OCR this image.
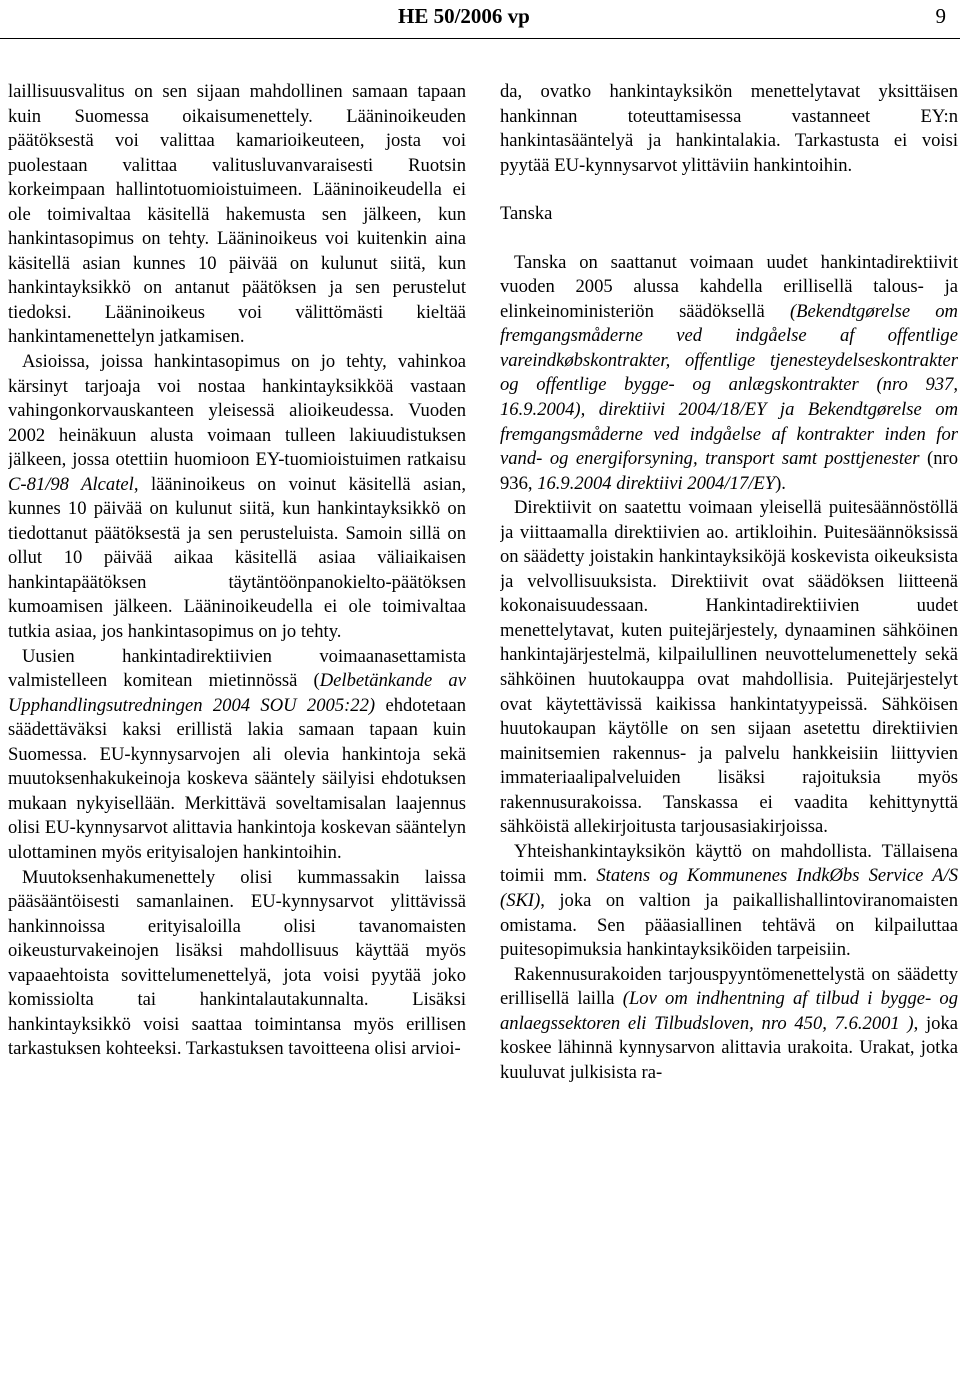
HE 50/2006 vp	9

laillisuusvalitus on sen sijaan mahdollinen samaan tapaan kuin Suomessa oikaisumenettely. Lääninoikeuden päätöksestä voi valittaa kamarioikeuteen, josta voi puolestaan valittaa valitusluvanvaraisesti Ruotsin korkeimpaan hallintotuomioistuimeen. Lääninoikeudella ei ole toimivaltaa käsitellä hakemusta sen jälkeen, kun hankintasopimus on tehty. Lääninoikeus voi kuitenkin aina käsitellä asian kunnes 10 päivää on kulunut siitä, kun hankintayksikkö on antanut päätöksen ja sen perustelut tiedoksi. Lääninoikeus voi välittömästi kieltää hankintamenettelyn jatkamisen.

Asioissa, joissa hankintasopimus on jo tehty, vahinkoa kärsinyt tarjoaja voi nostaa hankintayksikköä vastaan vahingonkorvauskanteen yleisessä alioikeudessa. Vuoden 2002 heinäkuun alusta voimaan tulleen lakiuudistuksen jälkeen, jossa otettiin huomioon EY-tuomioistuimen ratkaisu C-81/98 Alcatel, lääninoikeus on voinut käsitellä asian, kunnes 10 päivää on kulunut siitä, kun hankintayksikkö on tiedottanut päätöksestä ja sen perusteluista. Samoin sillä on ollut 10 päivää aikaa käsitellä asiaa väliaikaisen hankintapäätöksen täytäntöönpanokielto-päätöksen kumoamisen jälkeen. Lääninoikeudella ei ole toimivaltaa tutkia asiaa, jos hankintasopimus on jo tehty.

Uusien hankintadirektiivien voimaanasettamista valmistelleen komitean mietinnössä (Delbetänkande av Upphandlingsutredningen 2004 SOU 2005:22) ehdotetaan säädettäväksi kaksi erillistä lakia samaan tapaan kuin Suomessa. EU-kynnysarvojen ali olevia hankintoja sekä muutoksenhakukeinoja koskeva sääntely säilyisi ehdotuksen mukaan nykyisellään. Merkittävä soveltamisalan laajennus olisi EU-kynnysarvot alittavia hankintoja koskevan sääntelyn ulottaminen myös erityisalojen hankintoihin.

Muutoksenhakumenettely olisi kummassakin laissa pääsääntöisesti samanlainen. EU-kynnysarvot ylittävissä hankinnoissa erityisaloilla olisi tavanomaisten oikeusturvakeinojen lisäksi mahdollisuus käyttää myös vapaaehtoista sovittelumenettelyä, jota voisi pyytää joko komissiolta tai hankintalautakunnalta. Lisäksi hankintayksikkö voisi saattaa toimintansa myös erillisen tarkastuksen kohteeksi. Tarkastuksen tavoitteena olisi arvioi-

da, ovatko hankintayksikön menettelytavat yksittäisen hankinnan toteuttamisessa vastanneet EY:n hankintasääntelyä ja hankintalakia. Tarkastusta ei voisi pyytää EU-kynnysarvot ylittäviin hankintoihin.

Tanska

Tanska on saattanut voimaan uudet hankintadirektiivit vuoden 2005 alussa kahdella erillisellä talous- ja elinkeinoministeriön säädöksellä (Bekendtgørelse om fremgangsmåderne ved indgåelse af offentlige vareindkøbskontrakter, offentlige tjenesteydelseskontrakter og offentlige bygge- og anlægskontrakter (nro 937, 16.9.2004), direktiivi 2004/18/EY ja Bekendtgørelse om fremgangsmåderne ved indgåelse af kontrakter inden for vand- og energiforsyning, transport samt posttjenester (nro 936, 16.9.2004 direktiivi 2004/17/EY).

Direktiivit on saatettu voimaan yleisellä puitesäännöstöllä ja viittaamalla direktiivien ao. artikloihin. Puitesäännöksissä on säädetty joistakin hankintayksiköjä koskevista oikeuksista ja velvollisuuksista. Direktiivit ovat säädöksen liitteenä kokonaisuudessaan. Hankintadirektiivien uudet menettelytavat, kuten puitejärjestely, dynaaminen sähköinen hankintajärjestelmä, kilpailullinen neuvottelumenettely sekä sähköinen huutokauppa ovat mahdollisia. Puitejärjestelyt ovat käytettävissä kaikissa hankintatyypeissä. Sähköisen huutokaupan käytölle on sen sijaan asetettu direktiivien mainitsemien rakennus- ja palvelu hankkeisiin liittyvien immateriaalipalveluiden lisäksi rajoituksia myös rakennusurakoissa. Tanskassa ei vaadita kehittynyttä sähköistä allekirjoitusta tarjousasiakirjoissa.

Yhteishankintayksikön käyttö on mahdollista. Tällaisena toimii mm. Statens og Kommunenes IndkØbs Service A/S (SKI), joka on valtion ja paikallishallintoviranomaisten omistama. Sen pääasiallinen tehtävä on kilpailuttaa puitesopimuksia hankintayksiköiden tarpeisiin.

Rakennusurakoiden tarjouspyyntömenettelystä on säädetty erillisellä laillа (Lov om indhentning af tilbud i bygge- og anlaegssektoren eli Tilbudsloven, nro 450, 7.6.2001 ), joka koskee lähinnä kynnysarvon alittavia urakoita. Urakat, jotka kuuluvat julkisista ra-
